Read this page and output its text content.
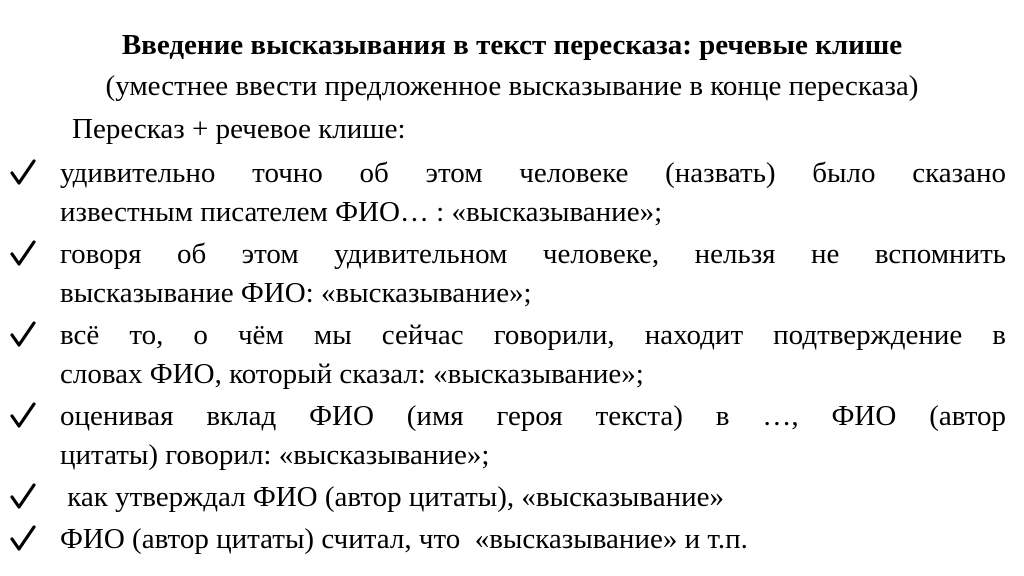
Введение высказывания в текст пересказа: речевые клише
(уместнее ввести предложенное высказывание в конце пересказа)
Пересказ + речевое клише:
удивительно точно об этом человеке (назвать) было сказано
известным писателем ФИО… : «высказывание»;
говоря об этом удивительном человеке, нельзя не вспомнить
высказывание ФИО: «высказывание»;
всё то, о чём мы сейчас говорили, находит подтверждение в
словах ФИО, который сказал: «высказывание»;
оценивая вклад ФИО (имя героя текста) в …, ФИО (автор
цитаты) говорил: «высказывание»;
как утверждал ФИО (автор цитаты), «высказывание»
ФИО (автор цитаты) считал, что  «высказывание» и т.п.
